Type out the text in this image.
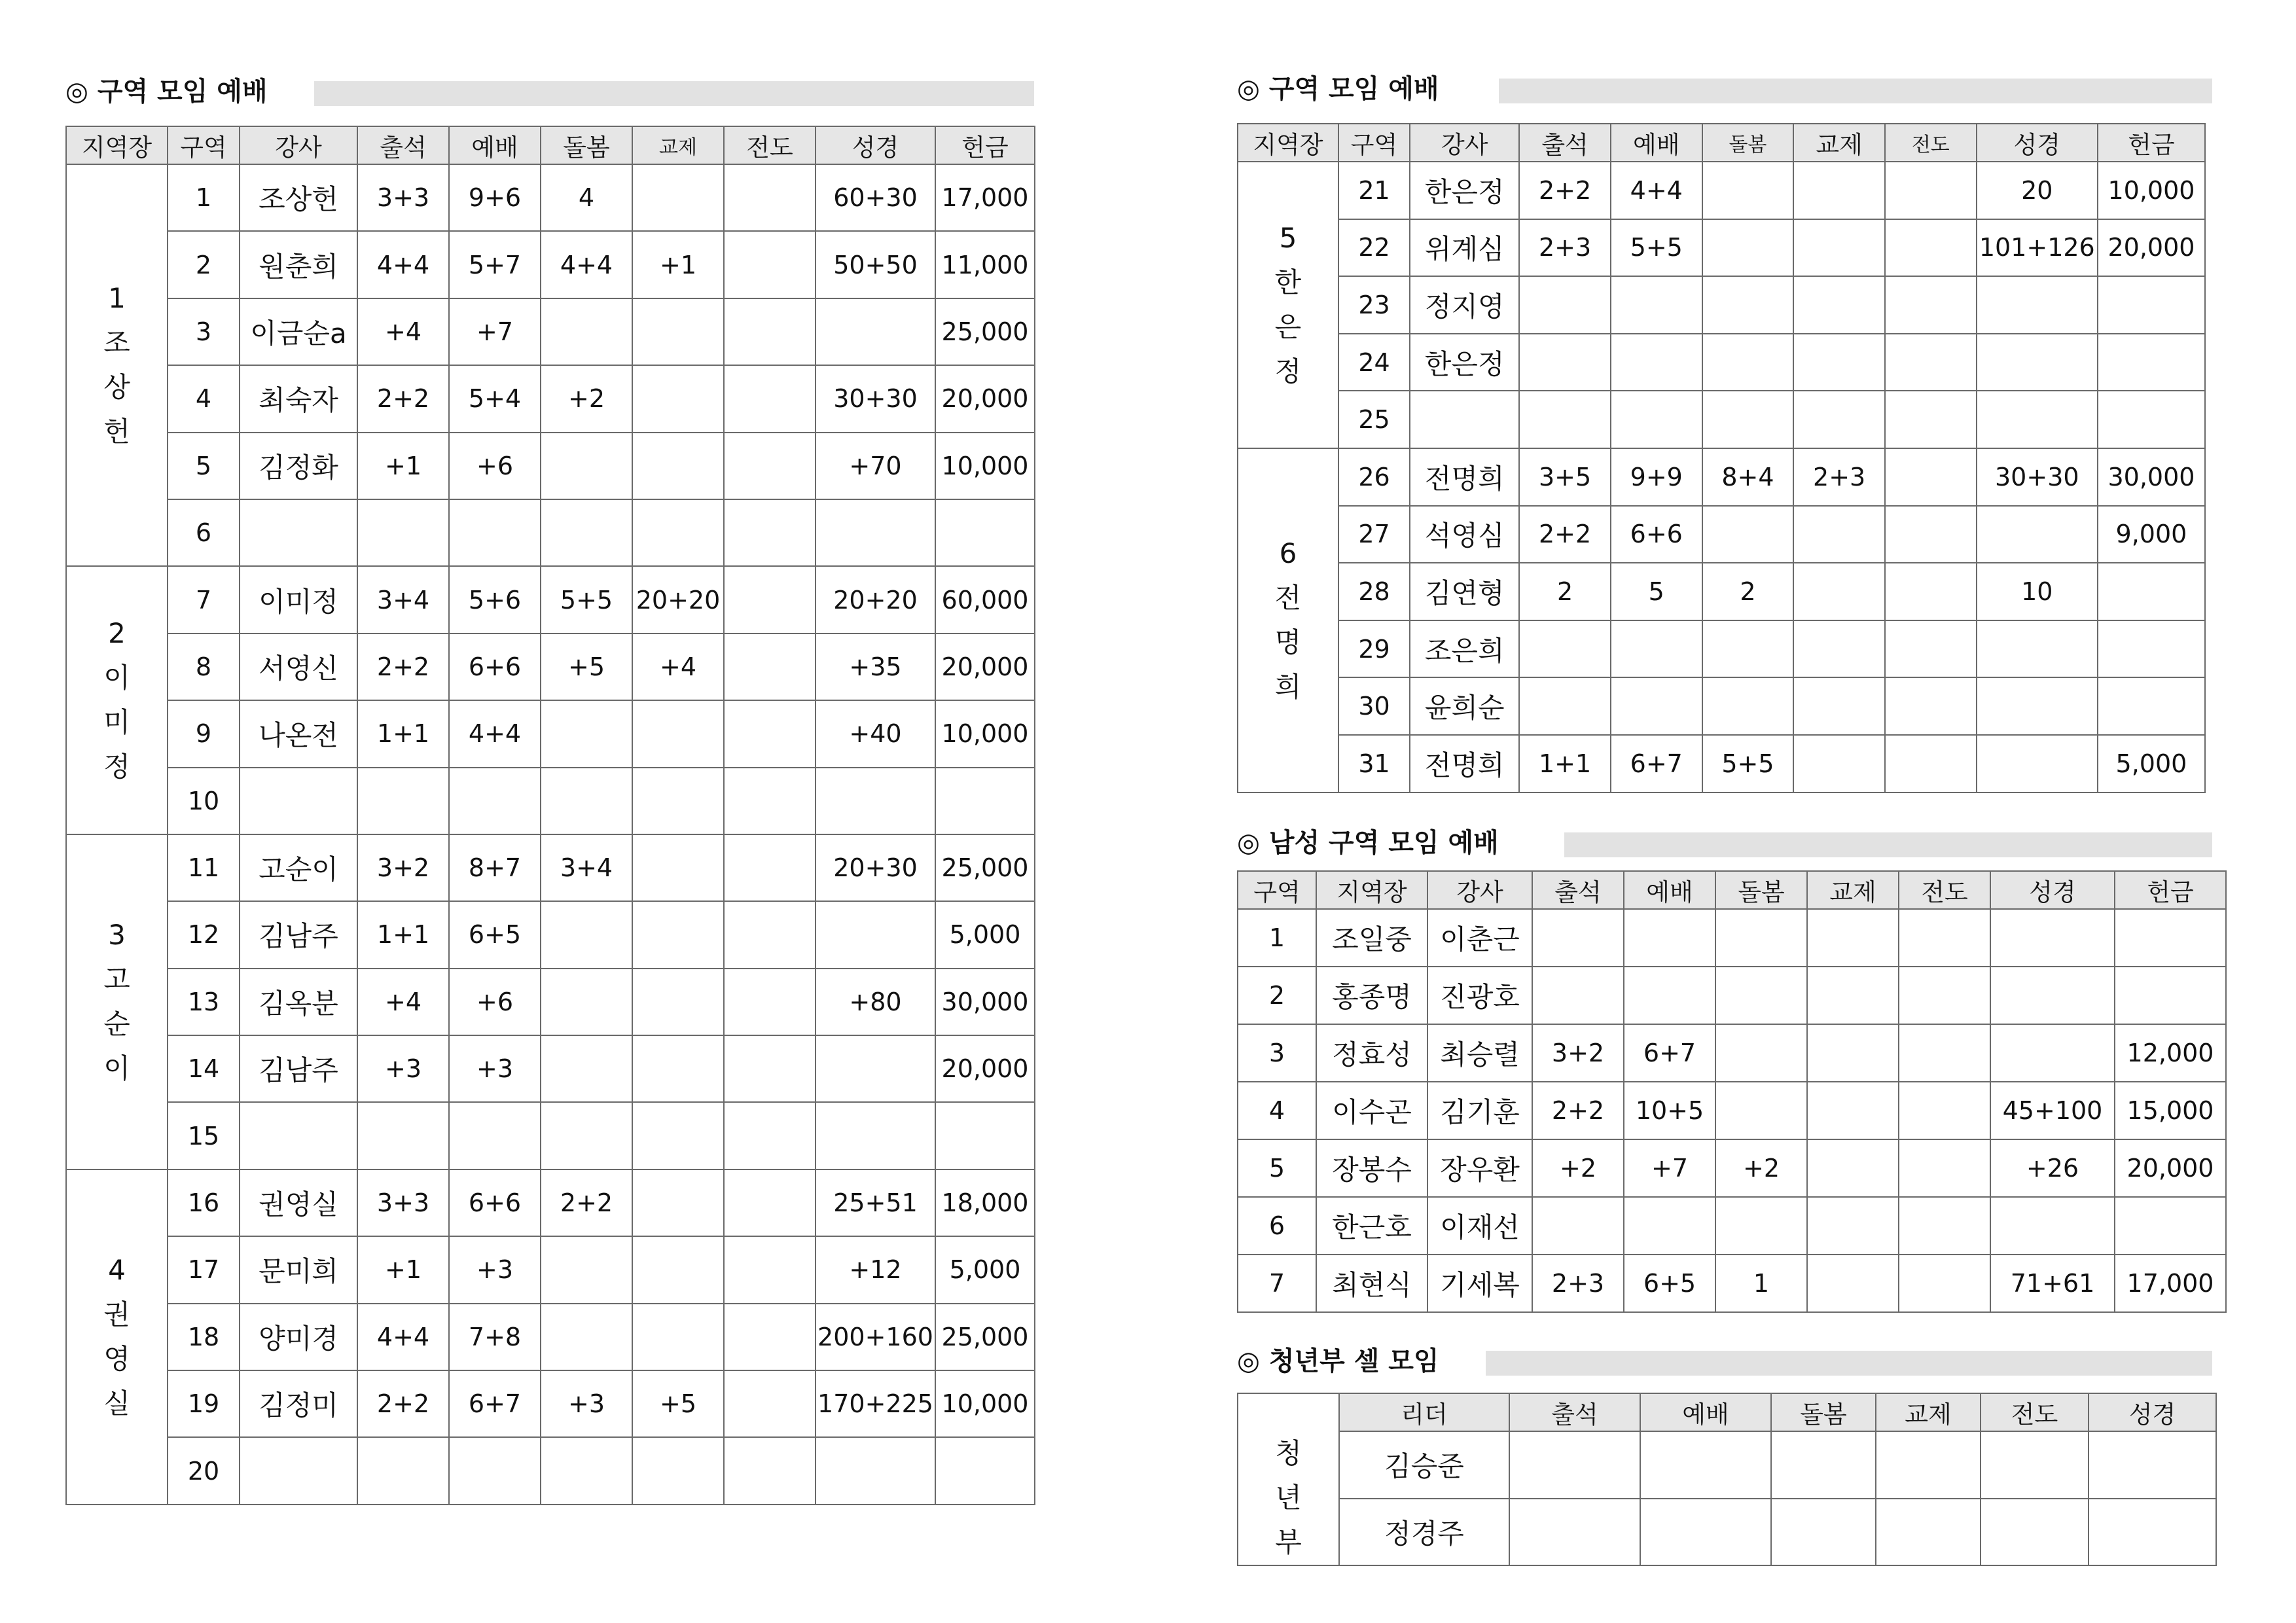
◎ 구역 모임 예배
지역장	구역	강사	출석	예배	돌봄	교제	전도	성경	헌금

1
조
상
헌	1	조상헌	3+3	9+6	4			60+30	17,000
	2	원춘희	4+4	5+7	4+4	+1		50+50	11,000
	3	이금순a	+4	+7					25,000
	4	최숙자	2+2	5+4	+2			30+30	20,000
	5	김정화	+1	+6				+70	10,000
	6								

2
이
미
정	7	이미정	3+4	5+6	5+5	20+20		20+20	60,000
	8	서영신	2+2	6+6	+5	+4		+35	20,000
	9	나온전	1+1	4+4				+40	10,000
	10								

3
고
순
이	11	고순이	3+2	8+7	3+4			20+30	25,000
	12	김남주	1+1	6+5					5,000
	13	김옥분	+4	+6				+80	30,000
	14	김남주	+3	+3					20,000
	15								

4
권
영
실	16	권영실	3+3	6+6	2+2			25+51	18,000
	17	문미희	+1	+3				+12	5,000
	18	양미경	4+4	7+8				200+160	25,000
	19	김정미	2+2	6+7	+3	+5		170+225	10,000
	20								
◎ 구역 모임 예배
지역장	구역	강사	출석	예배	돌봄	교제	전도	성경	헌금

5
한
은
정	21	한은정	2+2	4+4				20	10,000
	22	위계심	2+3	5+5				101+126	20,000
	23	정지영							
	24	한은정							
	25								

6
전
명
희	26	전명희	3+5	9+9	8+4	2+3		30+30	30,000
	27	석영심	2+2	6+6					9,000
	28	김연형	2	5	2			10	
	29	조은희							
	30	윤희순							
	31	전명희	1+1	6+7	5+5				5,000
◎ 남성 구역 모임 예배
구역	지역장	강사	출석	예배	돌봄	교제	전도	성경	헌금
1	조일중	이춘근							
2	홍종명	진광호							
3	정효성	최승렬	3+2	6+7					12,000
4	이수곤	김기훈	2+2	10+5				45+100	15,000
5	장봉수	장우환	+2	+7	+2			+26	20,000
6	한근호	이재선							
7	최현식	기세복	2+3	6+5	1			71+61	17,000
◎ 청년부 셀 모임
	리더	출석	예배	돌봄	교제	전도	성경

청
년
부	김승준						
	정경주						
